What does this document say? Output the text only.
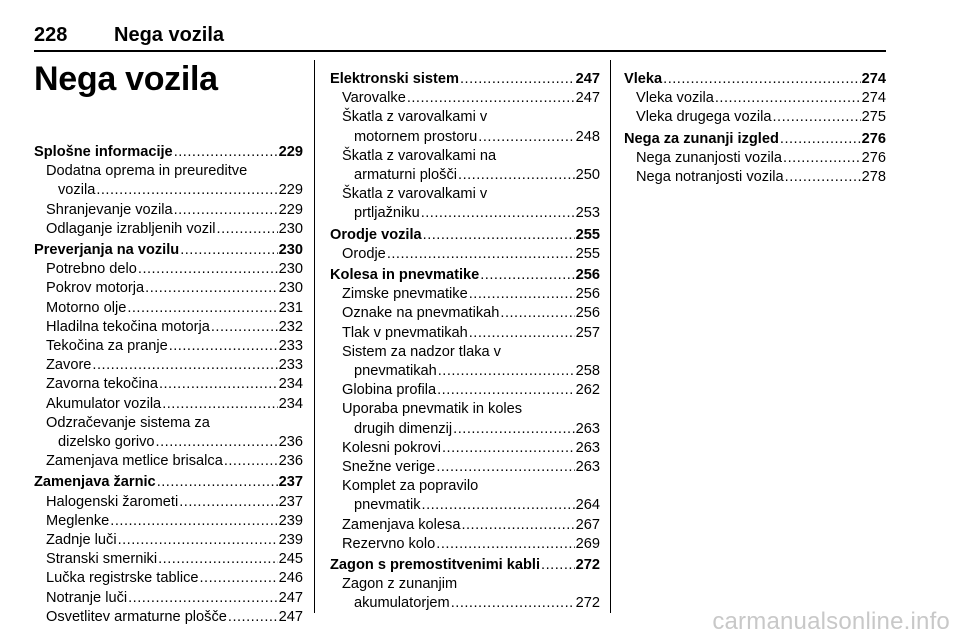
228 Nega vozila
Nega vozila
Splošne informacije .....	229
Dodatna oprema in preureditve
vozila .....	229
Shranjevanje vozila .....	229
Odlaganje izrabljenih vozil .....	230
Preverjanja na vozilu .....	230
Potrebno delo .....	230
Pokrov motorja .....	230
Motorno olje .....	231
Hladilna tekočina motorja .....	232
Tekočina za pranje .....	233
Zavore .....	233
Zavorna tekočina .....	234
Akumulator vozila .....	234
Odzračevanje sistema za
dizelsko gorivo .....	236
Zamenjava metlice brisalca .....	236
Zamenjava žarnic .....	237
Halogenski žarometi .....	237
Meglenke .....	239
Zadnje luči .....	239
Stranski smerniki .....	245
Lučka registrske tablice .....	246
Notranje luči .....	247
Osvetlitev armaturne plošče .....	247
Elektronski sistem .....	247
Varovalke .....	247
Škatla z varovalkami v
motornem prostoru .....	248
Škatla z varovalkami na
armaturni plošči .....	250
Škatla z varovalkami v
prtljažniku .....	253
Orodje vozila .....	255
Orodje .....	255
Kolesa in pnevmatike .....	256
Zimske pnevmatike .....	256
Oznake na pnevmatikah .....	256
Tlak v pnevmatikah .....	257
Sistem za nadzor tlaka v
pnevmatikah .....	258
Globina profila .....	262
Uporaba pnevmatik in koles
drugih dimenzij .....	263
Kolesni pokrovi .....	263
Snežne verige .....	263
Komplet za popravilo
pnevmatik .....	264
Zamenjava kolesa .....	267
Rezervno kolo .....	269
Zagon s premostitvenimi kabli ..... 272
Zagon z zunanjim
akumulatorjem .....	272
Vleka .....	274
Vleka vozila .....	274
Vleka drugega vozila .....	275
Nega za zunanji izgled .....	276
Nega zunanjosti vozila .....	276
Nega notranjosti vozila .....	278
carmanualsonline.info
